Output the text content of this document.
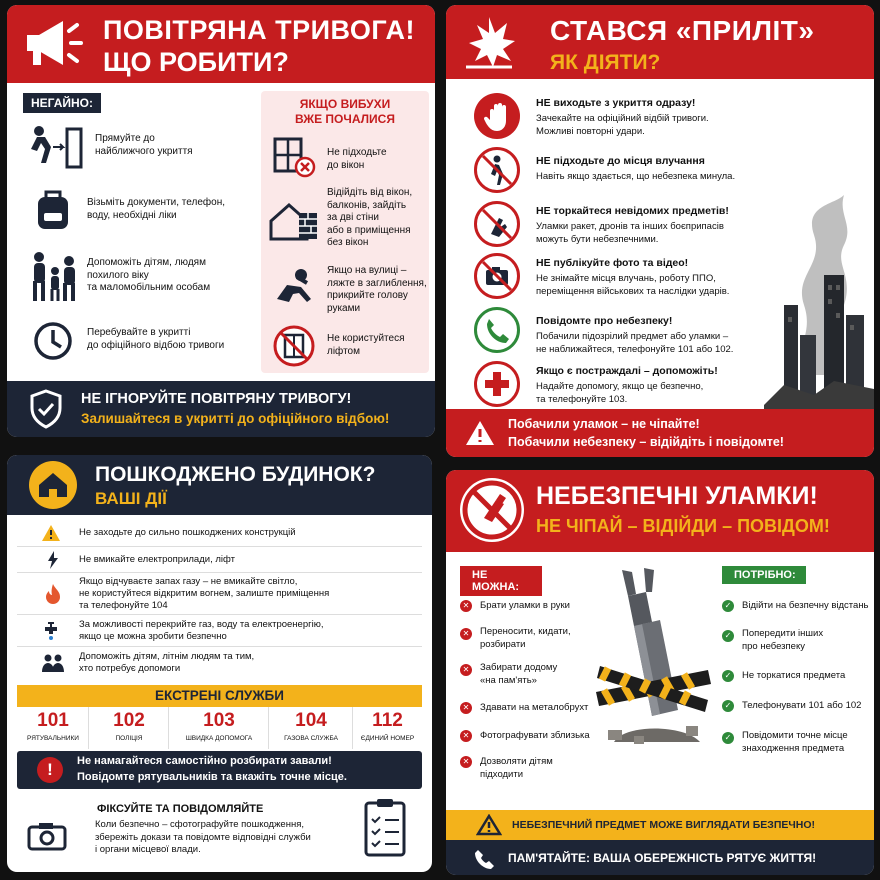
ПОВІТРЯНА ТРИВОГА!
ЩО РОБИТИ?
НЕГАЙНО:
Прямуйте до
найближчого укриття
Візьміть документи, телефон,
воду, необхідні ліки
Допоможіть дітям, людям
похилого віку
та маломобільним особам
Перебувайте в укритті
до офіційного відбою тривоги
ЯКЩО ВИБУХИ
ВЖЕ ПОЧАЛИСЯ
Не підходьте
до вікон
Відійдіть від вікон,
балконів, зайдіть
за дві стіни
або в приміщення
без вікон
Якщо на вулиці –
ляжте в заглиблення,
прикрийте голову
руками
Не користуйтеся
ліфтом
НЕ ІГНОРУЙТЕ ПОВІТРЯНУ ТРИВОГУ!
Залишайтеся в укритті до офіційного відбою!
СТАВСЯ «ПРИЛІТ»
ЯК ДІЯТИ?
НЕ виходьте з укриття одразу!
Зачекайте на офіційний відбій тривоги.
Можливі повторні удари.
НЕ підходьте до місця влучання
Навіть якщо здається, що небезпека минула.
НЕ торкайтеся невідомих предметів!
Уламки ракет, дронів та інших боєприпасів
можуть бути небезпечними.
НЕ публікуйте фото та відео!
Не знімайте місця влучань, роботу ППО,
переміщення військових та наслідки ударів.
Повідомте про небезпеку!
Побачили підозрілий предмет або уламки –
не наближайтеся, телефонуйте 101 або 102.
Якщо є постраждалі – допоможіть!
Надайте допомогу, якщо це безпечно,
та телефонуйте 103.
Побачили уламок – не чіпайте!
Побачили небезпеку – відійдіть і повідомте!
ПОШКОДЖЕНО БУДИНОК?
ВАШІ ДІЇ
Не заходьте до сильно пошкоджених конструкцій
Не вмикайте електроприлади, ліфт
Якщо відчуваєте запах газу – не вмикайте світло,
не користуйтеся відкритим вогнем, залиште приміщення
та телефонуйте 104
За можливості перекрийте газ, воду та електроенергію,
якщо це можна зробити безпечно
Допоможіть дітям, літнім людям та тим,
хто потребує допомоги
ЕКСТРЕНІ СЛУЖБИ
101
РЯТУВАЛЬНИКИ
102
ПОЛІЦІЯ
103
ШВИДКА ДОПОМОГА
104
ГАЗОВА СЛУЖБА
112
ЄДИНИЙ НОМЕР
!	Не намагайтеся самостійно розбирати завали!
Повідомте рятувальників та вкажіть точне місце.
ФІКСУЙТЕ ТА ПОВІДОМЛЯЙТЕ
Коли безпечно – сфотографуйте пошкодження,
збережіть докази та повідомте відповідні служби
і органи місцевої влади.
НЕБЕЗПЕЧНІ УЛАМКИ!
НЕ ЧІПАЙ – ВІДІЙДИ – ПОВІДОМ!
НЕ МОЖНА:
ПОТРІБНО:
✕ Брати уламки в руки
✕ Переносити, кидати,
розбирати
✕ Забирати додому
«на пам'ять»
✕ Здавати на металобрухт
✕ Фотографувати зблизька
✕ Дозволяти дітям
підходити
✓ Відійти на безпечну відстань
✓ Попередити інших
про небезпеку
✓ Не торкатися предмета
✓ Телефонувати 101 або 102
✓ Повідомити точне місце
знаходження предмета
НЕБЕЗПЕЧНИЙ ПРЕДМЕТ МОЖЕ ВИГЛЯДАТИ БЕЗПЕЧНО!
ПАМ'ЯТАЙТЕ: ВАША ОБЕРЕЖНІСТЬ РЯТУЄ ЖИТТЯ!
